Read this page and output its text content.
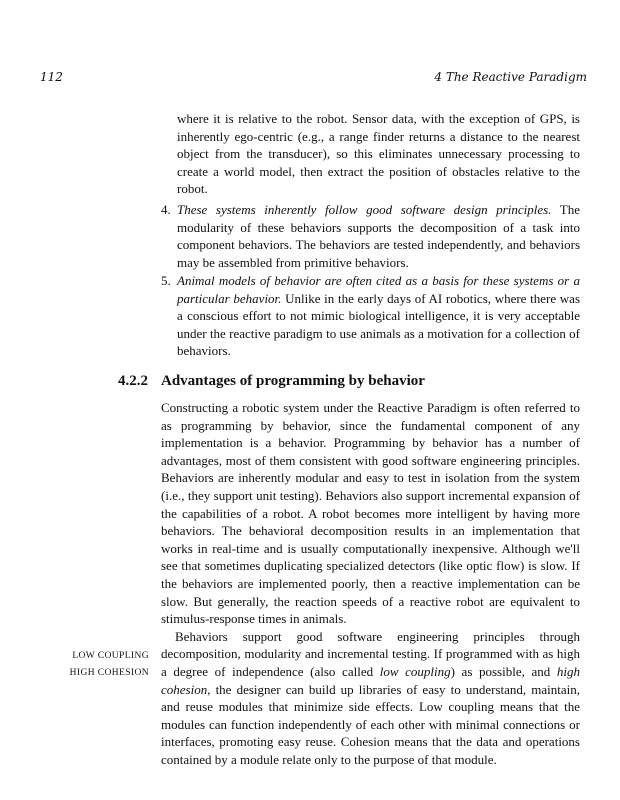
112	4 The Reactive Paradigm

where it is relative to the robot. Sensor data, with the exception of GPS, is inherently ego-centric (e.g., a range finder returns a distance to the nearest object from the transducer), so this eliminates unnecessary processing to create a world model, then extract the position of obstacles relative to the robot.

4. These systems inherently follow good software design principles. The modularity of these behaviors supports the decomposition of a task into component behaviors. The behaviors are tested independently, and behaviors may be assembled from primitive behaviors.

5. Animal models of behavior are often cited as a basis for these systems or a particular behavior. Unlike in the early days of AI robotics, where there was a conscious effort to not mimic biological intelligence, it is very acceptable under the reactive paradigm to use animals as a motivation for a collection of behaviors.

4.2.2 Advantages of programming by behavior

Constructing a robotic system under the Reactive Paradigm is often referred to as programming by behavior, since the fundamental component of any implementation is a behavior. Programming by behavior has a number of advantages, most of them consistent with good software engineering principles. Behaviors are inherently modular and easy to test in isolation from the system (i.e., they support unit testing). Behaviors also support incremental expansion of the capabilities of a robot. A robot becomes more intelligent by having more behaviors. The behavioral decomposition results in an implementation that works in real-time and is usually computationally inexpensive. Although we'll see that sometimes duplicating specialized detectors (like optic flow) is slow. If the behaviors are implemented poorly, then a reactive implementation can be slow. But generally, the reaction speeds of a reactive robot are equivalent to stimulus-response times in animals.

Behaviors support good software engineering principles through decomposition, modularity and incremental testing. If programmed with as high a degree of independence (also called low coupling) as possible, and high cohesion, the designer can build up libraries of easy to understand, maintain, and reuse modules that minimize side effects. Low coupling means that the modules can function independently of each other with minimal connections or interfaces, promoting easy reuse. Cohesion means that the data and operations contained by a module relate only to the purpose of that module.

LOW COUPLING
HIGH COHESION
